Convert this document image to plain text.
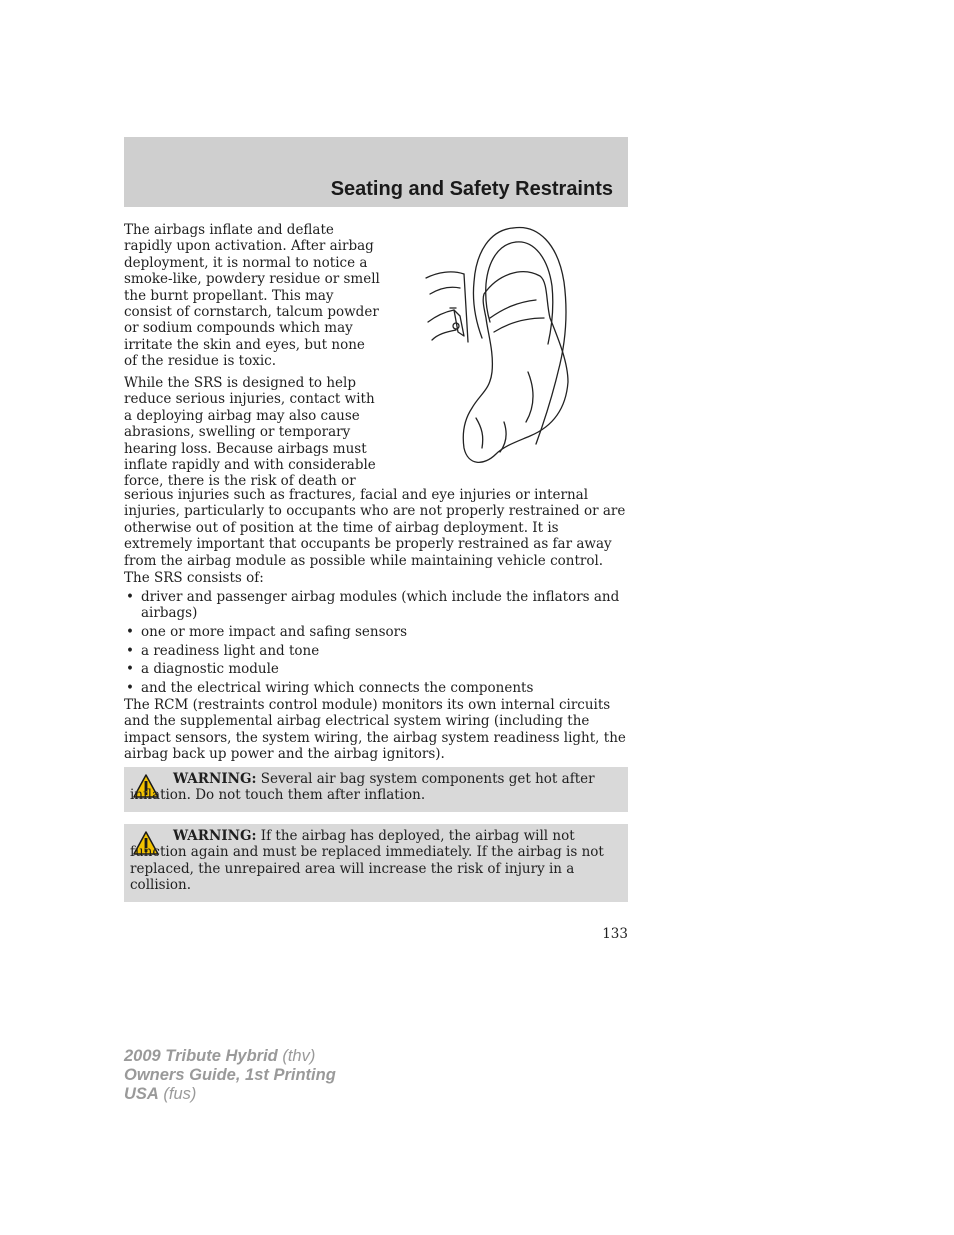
Seating and Safety Restraints

The airbags inflate and deflate rapidly upon activation. After airbag deployment, it is normal to notice a smoke-like, powdery residue or smell the burnt propellant. This may consist of cornstarch, talcum powder or sodium compounds which may irritate the skin and eyes, but none of the residue is toxic.

While the SRS is designed to help reduce serious injuries, contact with a deploying airbag may also cause abrasions, swelling or temporary hearing loss. Because airbags must inflate rapidly and with considerable force, there is the risk of death or

serious injuries such as fractures, facial and eye injuries or internal injuries, particularly to occupants who are not properly restrained or are otherwise out of position at the time of airbag deployment. It is extremely important that occupants be properly restrained as far away from the airbag module as possible while maintaining vehicle control.

The SRS consists of:

• driver and passenger airbag modules (which include the inflators and airbags)
• one or more impact and safing sensors
• a readiness light and tone
• a diagnostic module
• and the electrical wiring which connects the components

The RCM (restraints control module) monitors its own internal circuits and the supplemental airbag electrical system wiring (including the impact sensors, the system wiring, the airbag system readiness light, the airbag back up power and the airbag ignitors).

WARNING: Several air bag system components get hot after inflation. Do not touch them after inflation.

WARNING: If the airbag has deployed, the airbag will not function again and must be replaced immediately. If the airbag is not replaced, the unrepaired area will increase the risk of injury in a collision.

133
2009 Tribute Hybrid (thv)
Owners Guide, 1st Printing
USA (fus)
